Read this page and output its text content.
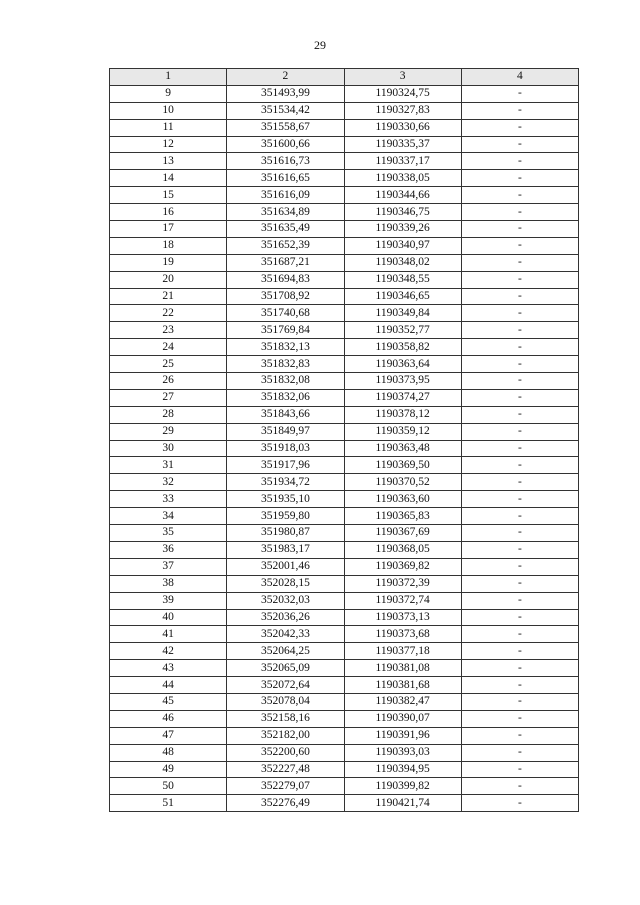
29
1	2	3	4
9	351493,99	1190324,75	-
10	351534,42	1190327,83	-
11	351558,67	1190330,66	-
12	351600,66	1190335,37	-
13	351616,73	1190337,17	-
14	351616,65	1190338,05	-
15	351616,09	1190344,66	-
16	351634,89	1190346,75	-
17	351635,49	1190339,26	-
18	351652,39	1190340,97	-
19	351687,21	1190348,02	-
20	351694,83	1190348,55	-
21	351708,92	1190346,65	-
22	351740,68	1190349,84	-
23	351769,84	1190352,77	-
24	351832,13	1190358,82	-
25	351832,83	1190363,64	-
26	351832,08	1190373,95	-
27	351832,06	1190374,27	-
28	351843,66	1190378,12	-
29	351849,97	1190359,12	-
30	351918,03	1190363,48	-
31	351917,96	1190369,50	-
32	351934,72	1190370,52	-
33	351935,10	1190363,60	-
34	351959,80	1190365,83	-
35	351980,87	1190367,69	-
36	351983,17	1190368,05	-
37	352001,46	1190369,82	-
38	352028,15	1190372,39	-
39	352032,03	1190372,74	-
40	352036,26	1190373,13	-
41	352042,33	1190373,68	-
42	352064,25	1190377,18	-
43	352065,09	1190381,08	-
44	352072,64	1190381,68	-
45	352078,04	1190382,47	-
46	352158,16	1190390,07	-
47	352182,00	1190391,96	-
48	352200,60	1190393,03	-
49	352227,48	1190394,95	-
50	352279,07	1190399,82	-
51	352276,49	1190421,74	-
